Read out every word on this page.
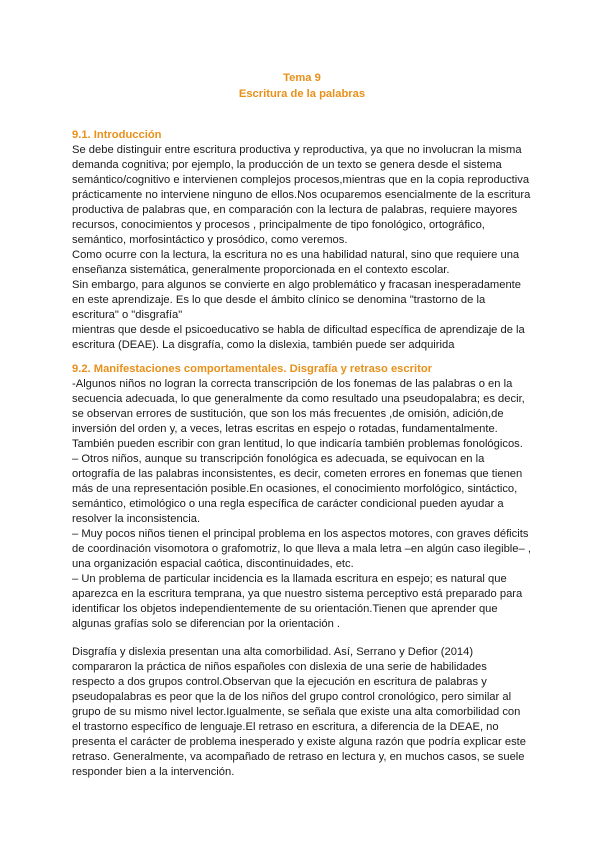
Tema 9
Escritura de la palabras
9.1. Introducción
Se debe distinguir entre escritura productiva y reproductiva, ya que no involucran la misma
demanda cognitiva; por ejemplo, la producción de un texto se genera desde el sistema
semántico/cognitivo e intervienen complejos procesos,mientras que en la copia reproductiva
prácticamente no interviene ninguno de ellos.Nos ocuparemos esencialmente de la escritura
productiva de palabras que, en comparación con la lectura de palabras, requiere mayores
recursos, conocimientos y procesos , principalmente de tipo fonológico, ortográfico,
semántico, morfosintáctico y prosódico, como veremos.
Como ocurre con la lectura, la escritura no es una habilidad natural, sino que requiere una
enseñanza sistemática, generalmente proporcionada en el contexto escolar.
Sin embargo, para algunos se convierte en algo problemático y fracasan inesperadamente
en este aprendizaje. Es lo que desde el ámbito clínico se denomina "trastorno de la
escritura" o "disgrafía"
mientras que desde el psicoeducativo se habla de dificultad específica de aprendizaje de la
escritura (DEAE). La disgrafía, como la dislexia, también puede ser adquirida
9.2. Manifestaciones comportamentales. Disgrafía y retraso escritor
-Algunos niños no logran la correcta transcripción de los fonemas de las palabras o en la
secuencia adecuada, lo que generalmente da como resultado una pseudopalabra; es decir,
se observan errores de sustitución, que son los más frecuentes ,de omisión, adición,de
inversión del orden y, a veces, letras escritas en espejo o rotadas, fundamentalmente.
También pueden escribir con gran lentitud, lo que indicaría también problemas fonológicos.
– Otros niños, aunque su transcripción fonológica es adecuada, se equivocan en la
ortografía de las palabras inconsistentes, es decir, cometen errores en fonemas que tienen
más de una representación posible.En ocasiones, el conocimiento morfológico, sintáctico,
semántico, etimológico o una regla específica de carácter condicional pueden ayudar a
resolver la inconsistencia.
– Muy pocos niños tienen el principal problema en los aspectos motores, con graves déficits
de coordinación visomotora o grafomotriz, lo que lleva a mala letra –en algún caso ilegible– ,
una organización espacial caótica, discontinuidades, etc.
– Un problema de particular incidencia es la llamada escritura en espejo; es natural que
aparezca en la escritura temprana, ya que nuestro sistema perceptivo está preparado para
identificar los objetos independientemente de su orientación.Tienen que aprender que
algunas grafías solo se diferencian por la orientación .
Disgrafía y dislexia presentan una alta comorbilidad. Así, Serrano y Defior (2014)
compararon la práctica de niños españoles con dislexia de una serie de habilidades
respecto a dos grupos control.Observan que la ejecución en escritura de palabras y
pseudopalabras es peor que la de los niños del grupo control cronológico, pero similar al
grupo de su mismo nivel lector.Igualmente, se señala que existe una alta comorbilidad con
el trastorno específico de lenguaje.El retraso en escritura, a diferencia de la DEAE, no
presenta el carácter de problema inesperado y existe alguna razón que podría explicar este
retraso. Generalmente, va acompañado de retraso en lectura y, en muchos casos, se suele
responder bien a la intervención.
